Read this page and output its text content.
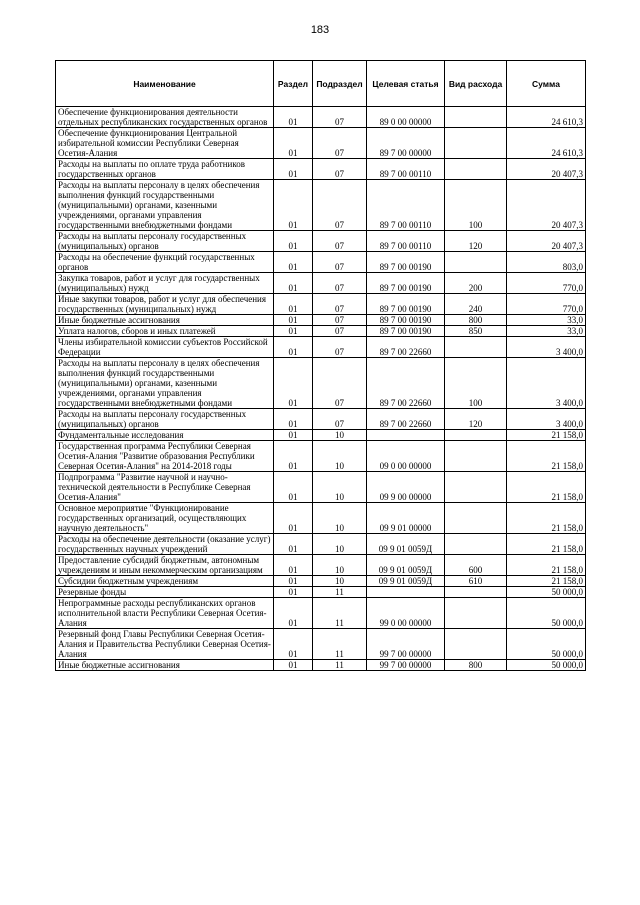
183
Наименование	Раздел	Подраздел	Целевая статья	Вид расхода	Сумма
Обеспечение функционирования деятельности отдельных республиканских государственных органов	01	07	89 0 00 00000		24 610,3
Обеспечение функционирования Центральной избирательной комиссии Республики Северная Осетия-Алания	01	07	89 7 00 00000		24 610,3
Расходы на выплаты по оплате труда работников государственных органов	01	07	89 7 00 00110		20 407,3
Расходы на выплаты персоналу в целях обеспечения выполнения функций государственными (муниципальными) органами, казенными учреждениями, органами управления государственными внебюджетными фондами	01	07	89 7 00 00110	100	20 407,3
Расходы на выплаты персоналу государственных (муниципальных) органов	01	07	89 7 00 00110	120	20 407,3
Расходы на обеспечение функций государственных органов	01	07	89 7 00 00190		803,0
Закупка товаров, работ и услуг для государственных (муниципальных) нужд	01	07	89 7 00 00190	200	770,0
Иные закупки товаров, работ и услуг для обеспечения государственных (муниципальных) нужд	01	07	89 7 00 00190	240	770,0
Иные бюджетные ассигнования	01	07	89 7 00 00190	800	33,0
Уплата налогов, сборов и иных платежей	01	07	89 7 00 00190	850	33,0
Члены избирательной комиссии субъектов Российской Федерации	01	07	89 7 00 22660		3 400,0
Расходы на выплаты персоналу в целях обеспечения выполнения функций государственными (муниципальными) органами, казенными учреждениями, органами управления государственными внебюджетными фондами	01	07	89 7 00 22660	100	3 400,0
Расходы на выплаты персоналу государственных (муниципальных) органов	01	07	89 7 00 22660	120	3 400,0
Фундаментальные исследования	01	10			21 158,0
Государственная программа Республики Северная Осетия-Алания "Развитие образования Республики Северная Осетия-Алания" на 2014-2018 годы	01	10	09 0 00 00000		21 158,0
Подпрограмма "Развитие научной и научно-технической деятельности в Республике Северная Осетия-Алания"	01	10	09 9 00 00000		21 158,0
Основное мероприятие "Функционирование государственных организаций, осуществляющих научную деятельность"	01	10	09 9 01 00000		21 158,0
Расходы на обеспечение деятельности (оказание услуг) государственных научных учреждений	01	10	09 9 01 0059Д		21 158,0
Предоставление субсидий бюджетным, автономным учреждениям и иным некоммерческим организациям	01	10	09 9 01 0059Д	600	21 158,0
Субсидии бюджетным учреждениям	01	10	09 9 01 0059Д	610	21 158,0
Резервные фонды	01	11			50 000,0
Непрограммные расходы республиканских органов исполнительной власти Республики Северная Осетия-Алания	01	11	99 0 00 00000		50 000,0
Резервный фонд Главы Республики Северная Осетия-Алания и Правительства Республики Северная Осетия-Алания	01	11	99 7 00 00000		50 000,0
Иные бюджетные ассигнования	01	11	99 7 00 00000	800	50 000,0
